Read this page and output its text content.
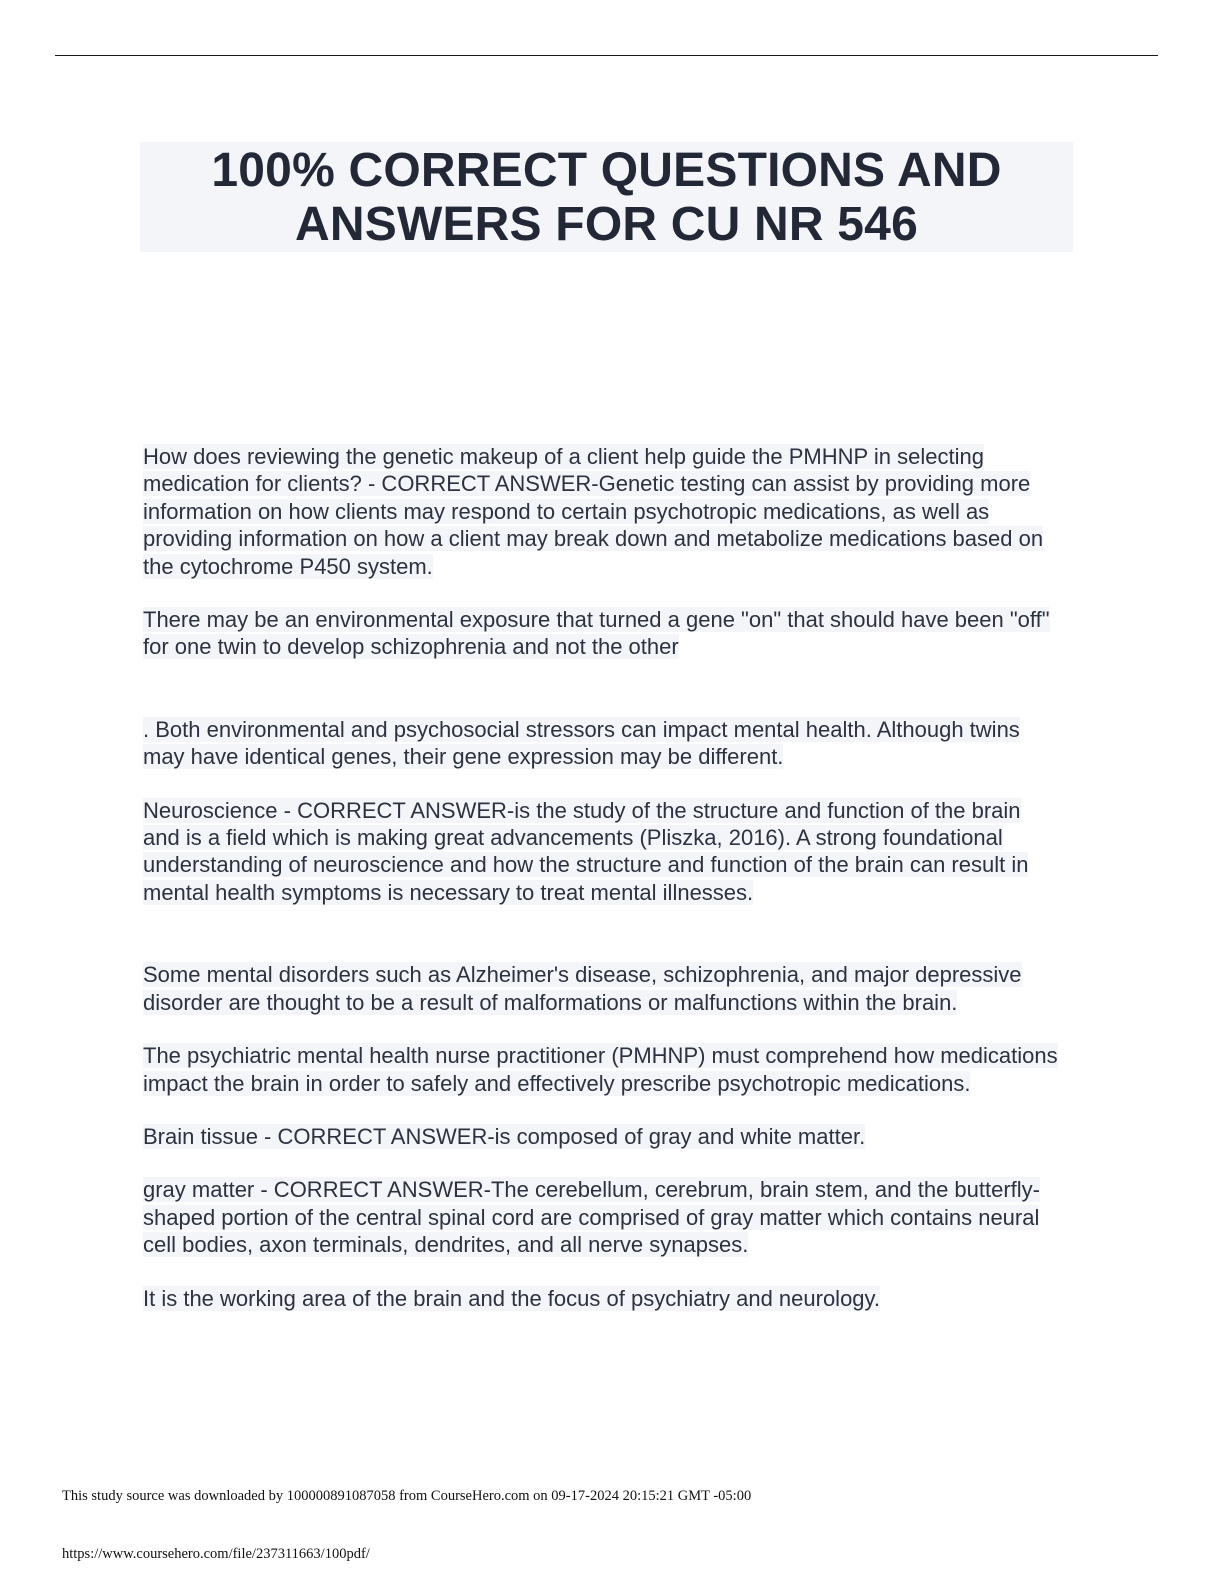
100% CORRECT QUESTIONS AND
ANSWERS FOR CU NR 546

How does reviewing the genetic makeup of a client help guide the PMHNP in selecting medication for clients? - CORRECT ANSWER-Genetic testing can assist by providing more information on how clients may respond to certain psychotropic medications, as well as providing information on how a client may break down and metabolize medications based on the cytochrome P450 system.

There may be an environmental exposure that turned a gene "on" that should have been "off" for one twin to develop schizophrenia and not the other

. Both environmental and psychosocial stressors can impact mental health. Although twins may have identical genes, their gene expression may be different.

Neuroscience - CORRECT ANSWER-is the study of the structure and function of the brain and is a field which is making great advancements (Pliszka, 2016). A strong foundational understanding of neuroscience and how the structure and function of the brain can result in mental health symptoms is necessary to treat mental illnesses.

Some mental disorders such as Alzheimer's disease, schizophrenia, and major depressive disorder are thought to be a result of malformations or malfunctions within the brain.

The psychiatric mental health nurse practitioner (PMHNP) must comprehend how medications impact the brain in order to safely and effectively prescribe psychotropic medications.

Brain tissue - CORRECT ANSWER-is composed of gray and white matter.

gray matter - CORRECT ANSWER-The cerebellum, cerebrum, brain stem, and the butterfly-shaped portion of the central spinal cord are comprised of gray matter which contains neural cell bodies, axon terminals, dendrites, and all nerve synapses.

It is the working area of the brain and the focus of psychiatry and neurology.

This study source was downloaded by 100000891087058 from CourseHero.com on 09-17-2024 20:15:21 GMT -05:00
https://www.coursehero.com/file/237311663/100pdf/
